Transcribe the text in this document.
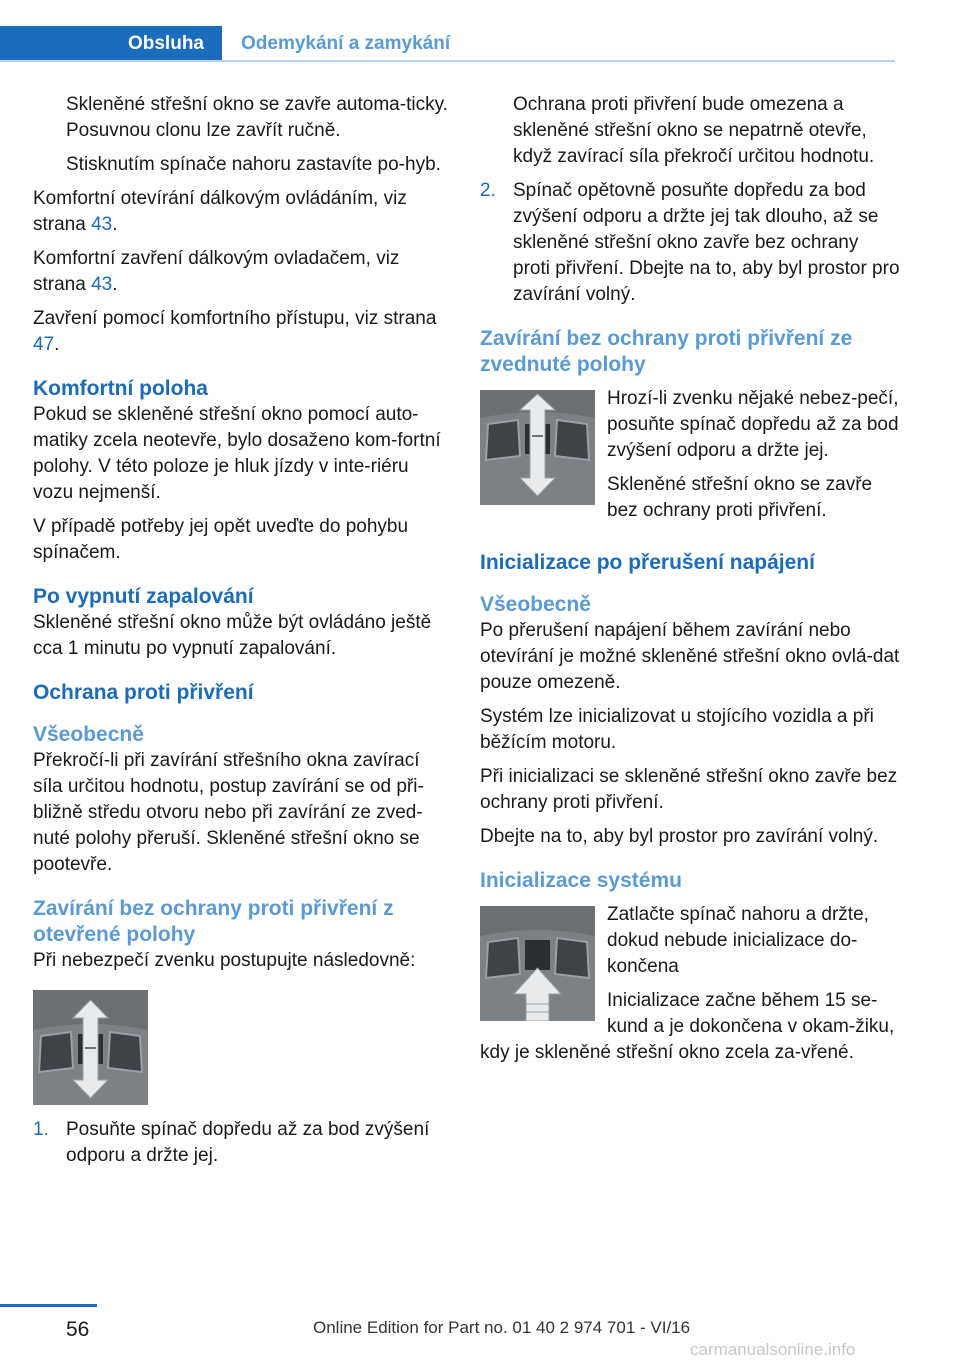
Obsluha	Odemykání a zamykání

Skleněné střešní okno se zavře automa‐ticky. Posuvnou clonu lze zavřít ručně.

Stisknutím spínače nahoru zastavíte po‐hyb.

Komfortní otevírání dálkovým ovládáním, viz strana 43.

Komfortní zavření dálkovým ovladačem, viz strana 43.

Zavření pomocí komfortního přístupu, viz strana 47.

Komfortní poloha

Pokud se skleněné střešní okno pomocí auto‐matiky zcela neotevře, bylo dosaženo kom‐fortní polohy. V této poloze je hluk jízdy v inte‐riéru vozu nejmenší.

V případě potřeby jej opět uveďte do pohybu spínačem.

Po vypnutí zapalování

Skleněné střešní okno může být ovládáno ještě cca 1 minutu po vypnutí zapalování.

Ochrana proti přivření
Všeobecně

Překročí-li při zavírání střešního okna zavírací síla určitou hodnotu, postup zavírání se od při‐bližně středu otvoru nebo při zavírání ze zved‐nuté polohy přeruší. Skleněné střešní okno se pootevře.

Zavírání bez ochrany proti přivření z otevřené polohy

Při nebezpečí zvenku postupujte následovně:

1. Posuňte spínač dopředu až za bod zvýšení odporu a držte jej.

Ochrana proti přivření bude omezena a skleněné střešní okno se nepatrně otevře, když zavírací síla překročí určitou hodnotu.

2. Spínač opětovně posuňte dopředu za bod zvýšení odporu a držte jej tak dlouho, až se skleněné střešní okno zavře bez ochrany proti přivření. Dbejte na to, aby byl prostor pro zavírání volný.
Zavírání bez ochrany proti přivření ze zvednuté polohy

Hrozí-li zvenku nějaké nebez‐pečí, posuňte spínač dopředu až za bod zvýšení odporu a držte jej.

Skleněné střešní okno se zavře bez ochrany proti přivření.

Inicializace po přerušení napájení
Všeobecně

Po přerušení napájení během zavírání nebo otevírání je možné skleněné střešní okno ovlá‐dat pouze omezeně.

Systém lze inicializovat u stojícího vozidla a při běžícím motoru.

Při inicializaci se skleněné střešní okno zavře bez ochrany proti přivření.

Dbejte na to, aby byl prostor pro zavírání volný.

Inicializace systému

Zatlačte spínač nahoru a držte, dokud nebude inicializace do‐končena

Inicializace začne během 15 se‐kund a je dokončena v okam‐žiku, kdy je skleněné střešní okno zcela za‐vřené.

56	Online Edition for Part no. 01 40 2 974 701 - VI/16
carmanualsonline.info
